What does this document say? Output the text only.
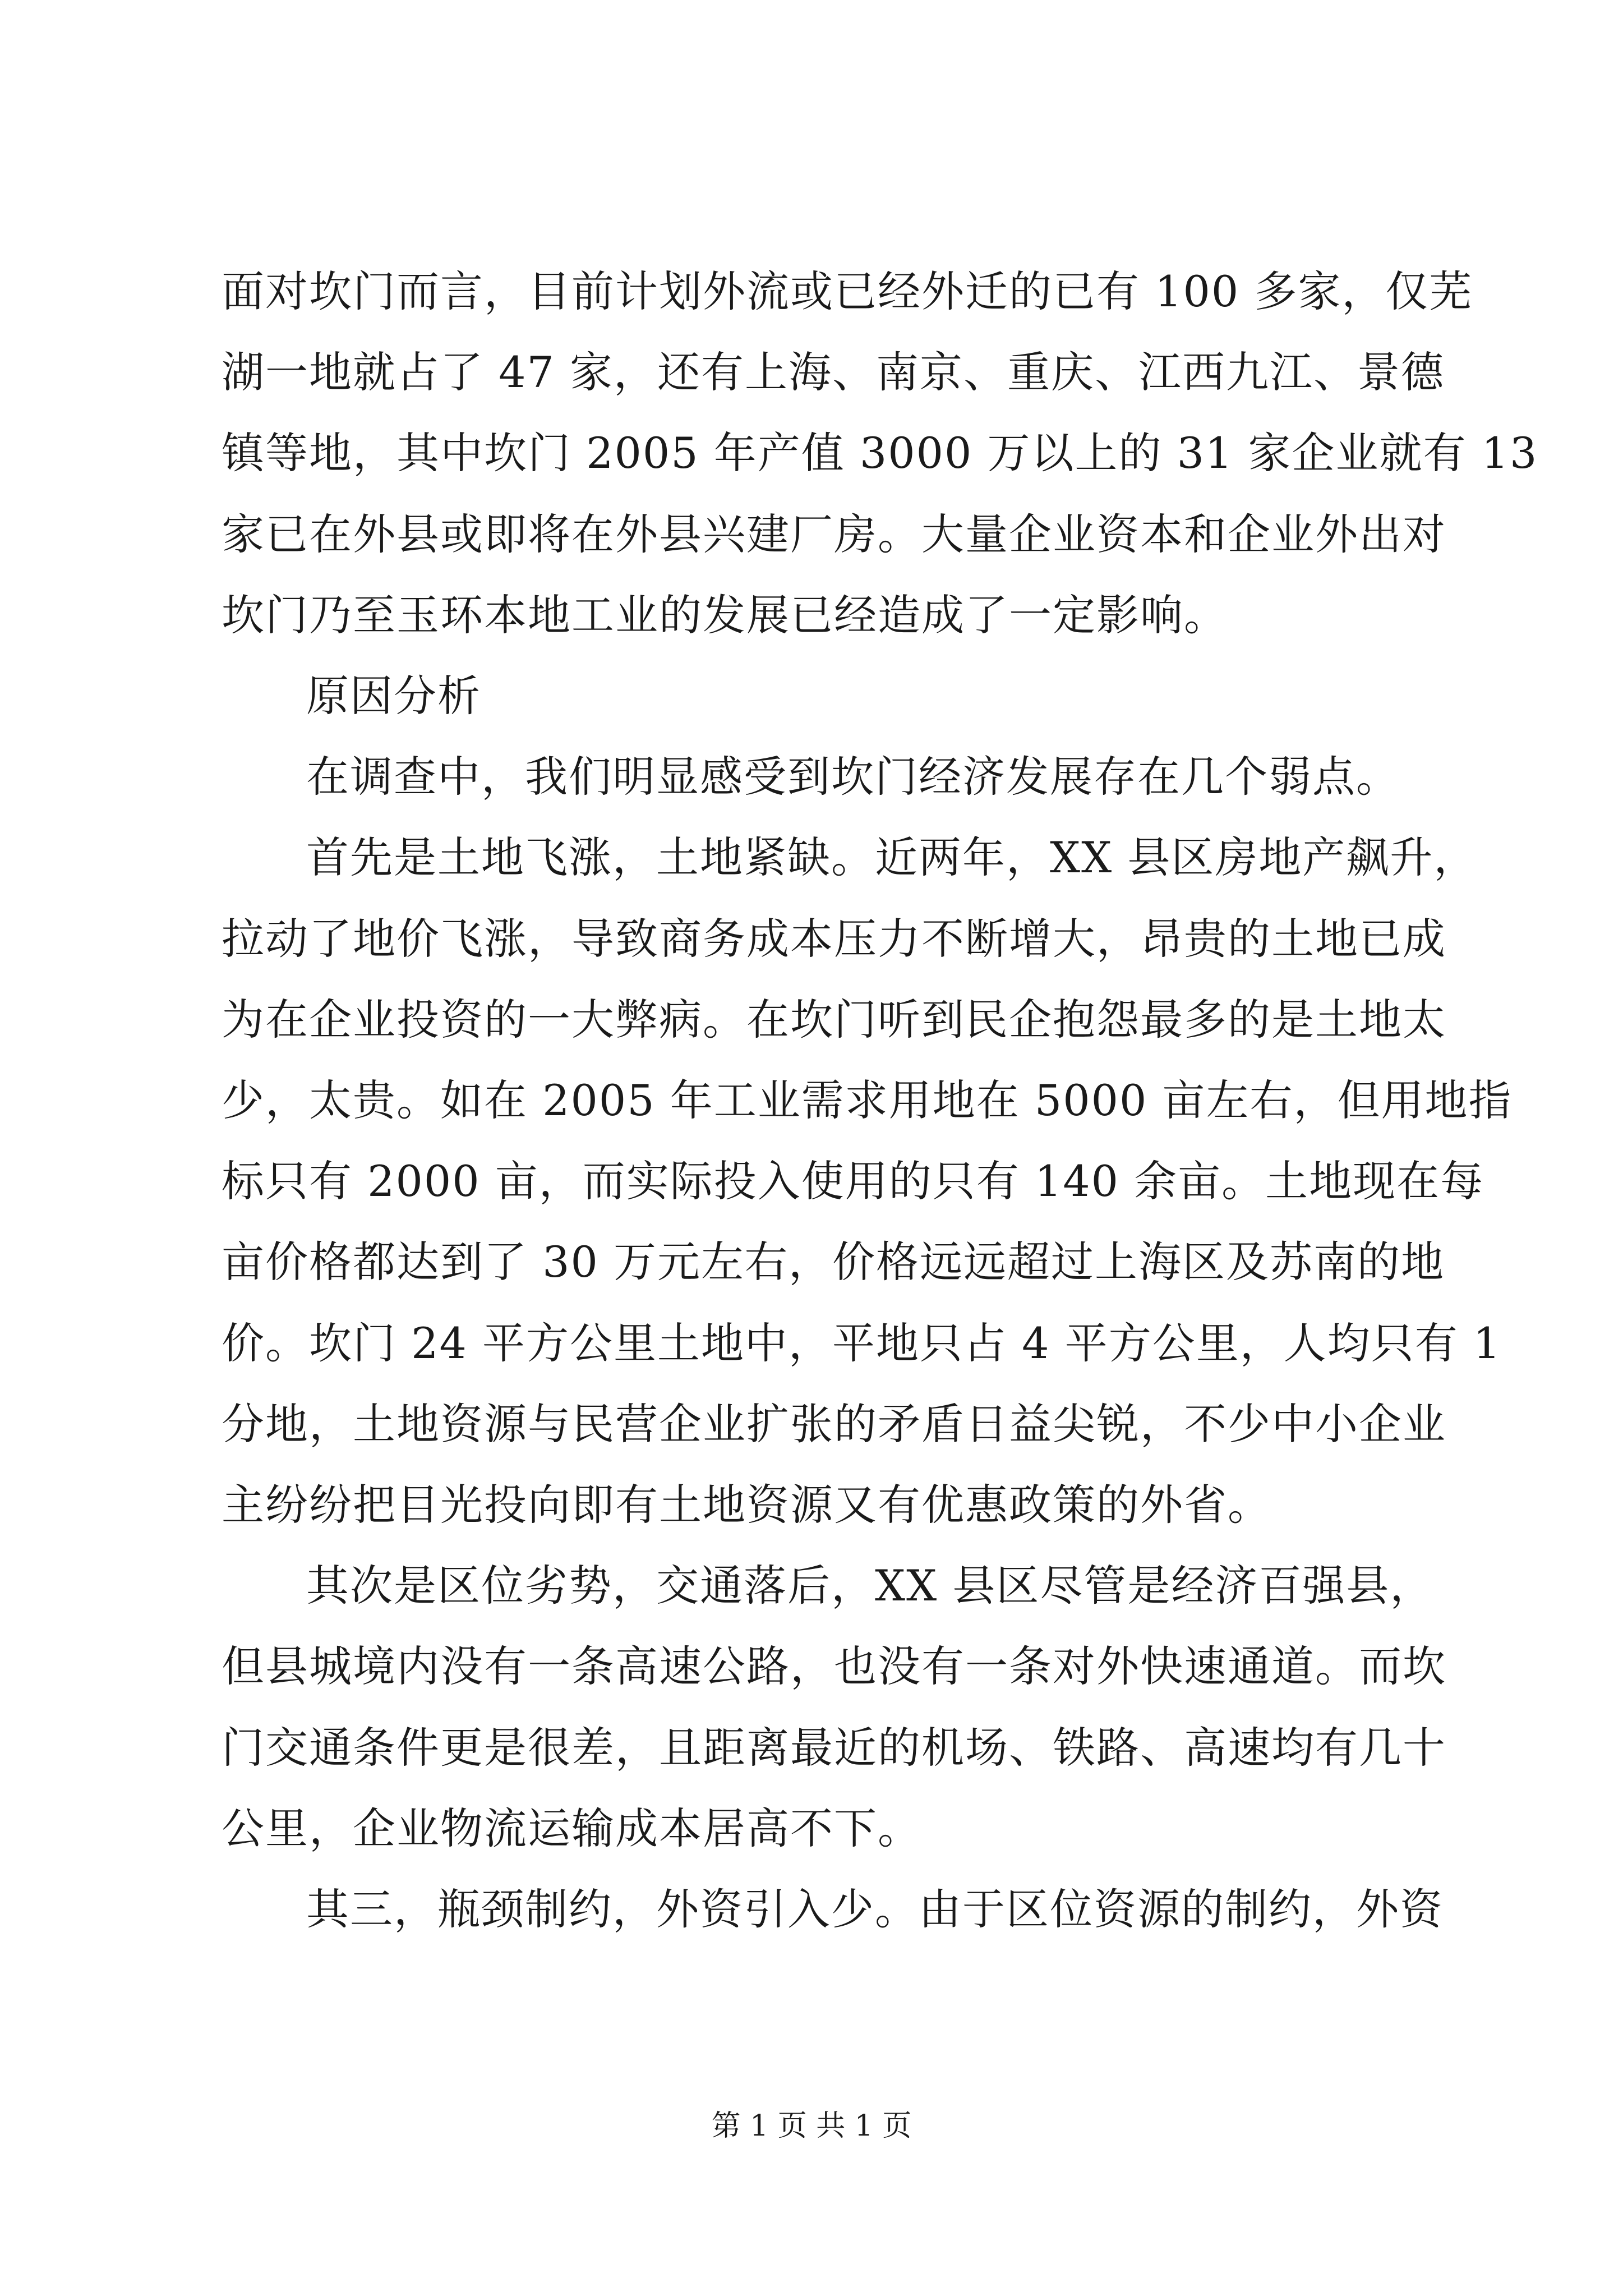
面对坎门而言，目前计划外流或已经外迁的已有 100 多家，仅芜
湖一地就占了 47 家，还有上海、南京、重庆、江西九江、景德
镇等地，其中坎门 2005 年产值 3000 万以上的 31 家企业就有 13
家已在外县或即将在外县兴建厂房。大量企业资本和企业外出对
坎门乃至玉环本地工业的发展已经造成了一定影响。
原因分析
在调查中，我们明显感受到坎门经济发展存在几个弱点。
首先是土地飞涨，土地紧缺。近两年，XX 县区房地产飙升，
拉动了地价飞涨，导致商务成本压力不断增大，昂贵的土地已成
为在企业投资的一大弊病。在坎门听到民企抱怨最多的是土地太
少，太贵。如在 2005 年工业需求用地在 5000 亩左右，但用地指
标只有 2000 亩，而实际投入使用的只有 140 余亩。土地现在每
亩价格都达到了 30 万元左右，价格远远超过上海区及苏南的地
价。坎门 24 平方公里土地中，平地只占 4 平方公里，人均只有 1
分地，土地资源与民营企业扩张的矛盾日益尖锐，不少中小企业
主纷纷把目光投向即有土地资源又有优惠政策的外省。
其次是区位劣势，交通落后，XX 县区尽管是经济百强县，
但县城境内没有一条高速公路，也没有一条对外快速通道。而坎
门交通条件更是很差，且距离最近的机场、铁路、高速均有几十
公里，企业物流运输成本居高不下。
其三，瓶颈制约，外资引入少。由于区位资源的制约，外资
第 1 页 共 1 页
